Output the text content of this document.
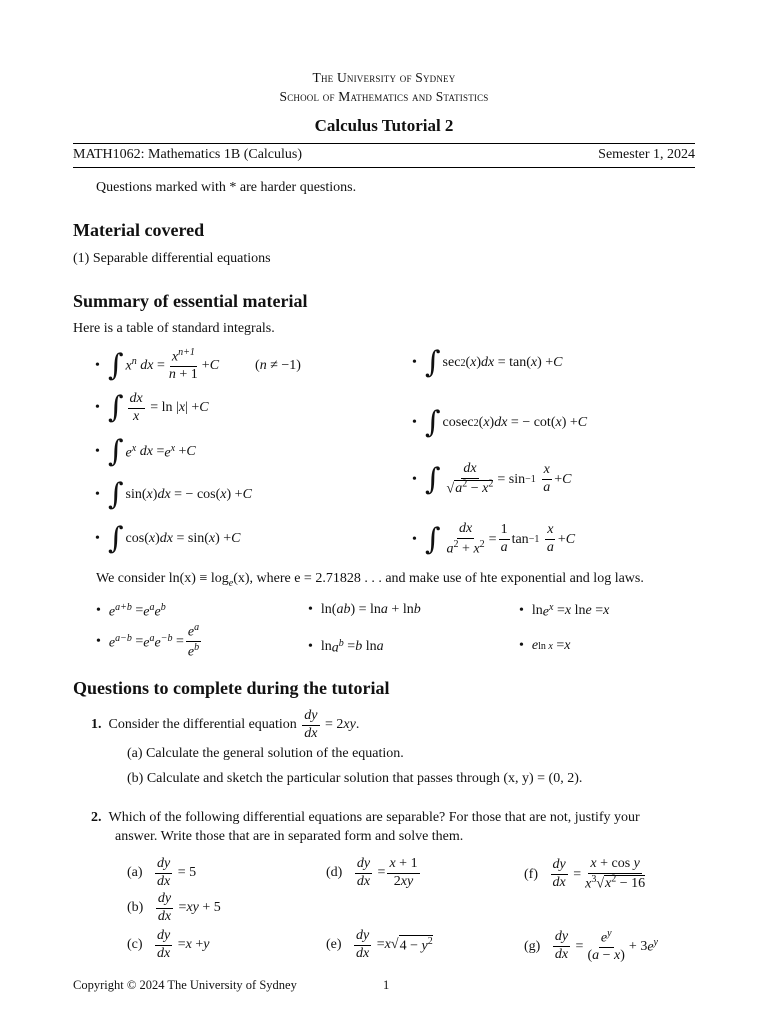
The University of Sydney
School of Mathematics and Statistics
Calculus Tutorial 2
MATH1062: Mathematics 1B (Calculus)	Semester 1, 2024
Questions marked with * are harder questions.
Material covered
(1) Separable differential equations
Summary of essential material
Here is a table of standard integrals.
• ∫ $x^n$
dx = $\frac{x^{n+1}}{n + 1} + C$	(n ≠ −1)
• ∫ $\frac{dx}{x} = \ln$ | x | + C
• ∫ $e^x$
dx = $e^x + C$
• ∫ sin( x ) dx = − cos( x ) + C
• ∫ cos( x ) dx = sin( x ) + C
• ∫ sec 2 ( x ) dx = tan( x ) + C
• ∫ cosec 2 ( x ) dx = − cot( x ) + C
• ∫ $\frac{dx}{√a^2 - x^2} = \sin -1$
$\frac{x}{a} + C$
• ∫ $\frac{dx}{a^2 + x^2} = \frac{1}{a}$ tan −1
$\frac{x}{a} + C$
We consider $\ln(x) \equiv \log_e(x)$, where e = 2.71828 . . . and make use of hte exponential and log laws.
• $e^{a+b} = e^ae^b$
• $e^{a-b} = e^ae^{-b} = \frac{e^a}{e^b}$
• ln( ab ) = ln a + ln b
• $\ln a^b = b$ ln a
• $\ln e^x = x$ ln e = x
• e ln x = x
Questions to complete during the tutorial
1.
Consider the differential equation
$\frac{dy}{dx} = 2$ xy .
(a) Calculate the general solution of the equation.
(b) Calculate and sketch the particular solution that passes through (x, y) = (0, 2).
2. Which of the following differential equations are separable? For those that are not, justify your
answer. Write those that are in separated form and solve them.
$(a) \frac{dy}{dx} = 5$
$(b) \frac{dy}{dx}$ = xy + 5
$(c) \frac{dy}{dx} = x + y$
$(d) \frac{dy}{dx} = \frac{x + 1}{2xy}$
$(e) \frac{dy}{dx} = x$ √ $4 - y^2$
$(f) \frac{dy}{dx} = \frac{\text{x + cos y}}{x^3√x^2 - 16}$
$(g) \frac{dy}{dx} = \frac{e^y}{(a - x)} + 3$ $e^y$
Copyright © 2024 The University of Sydney	1
